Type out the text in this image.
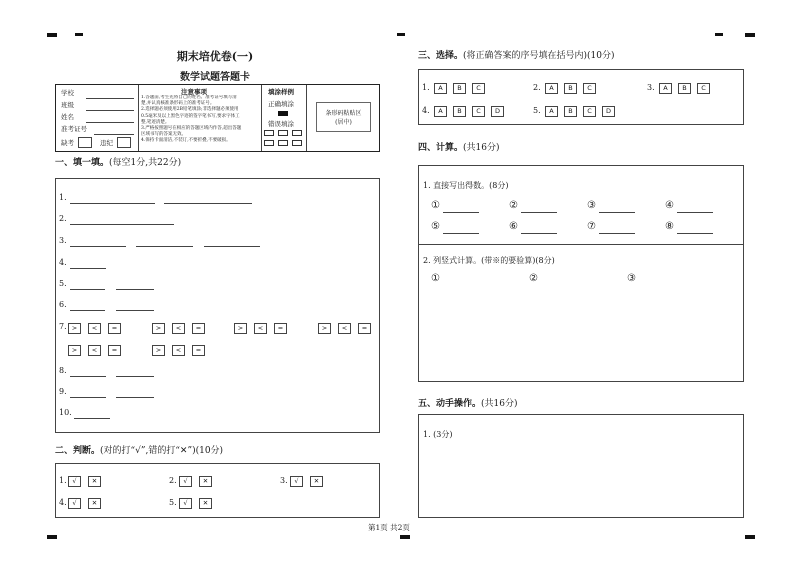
期末培优卷(一)
数学试题答题卡
学校
班级
姓名
准考证号
缺考	违纪
注意事项
1.答题前,考生先将自己的姓名、准考证号填写清
楚,并认真核准条形码上的准考证号。
2.选择题必须使用2B铅笔填涂;非选择题必须使用
0.5毫米及以上黑色字迹的签字笔书写,要求字体工
整,笔迹清楚。
3.严格按照题号在相应的答题区域内作答,超出答题
区域书写的答案无效。
4.保持卡面清洁,不装订,不要折叠,不要破损。
填涂样例
正确填涂
错误填涂
条形码粘贴区
(居中)
一、填一填。(每空1分,共22分)
1.
2.
3.
4.
5.
6.
7. >	<	=	>	<	=	>	<	=	>	<	=
>	<	=	>	<	=
8.
9.
10.
二、判断。(对的打“√”,错的打“✕”)(10分)
1. √	✕	2.	√	✕	3.	√	✕
4. √	✕	5.	√	✕
三、选择。(将正确答案的序号填在括号内)(10分)
1.	A	B	C	2.	A	B	C	3.	A	B	C
4.	A	B	C	D	5.	A	B	C	D
四、计算。(共16分)
1. 直接写出得数。(8分)
①	②	③	④
⑤	⑥	⑦	⑧
2. 列竖式计算。(带※的要验算)(8分)
①	②	③
五、动手操作。(共16分)
1. (3分)
第1页 共2页
